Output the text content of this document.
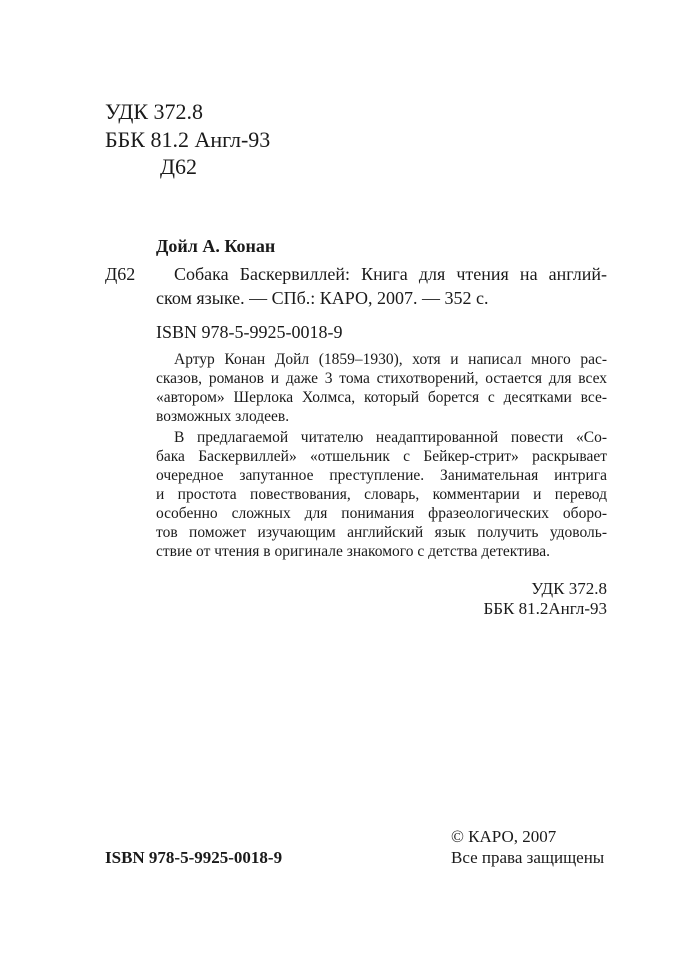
УДК 372.8
ББК 81.2 Англ-93
Д62
Дойл А. Конан
Д62 Собака Баскервиллей: Книга для чтения на англий-
ском языке. — СПб.: КАРО, 2007. — 352 с.
ISBN 978-5-9925-0018-9
Артур Конан Дойл (1859–1930), хотя и написал много рас-
сказов, романов и даже 3 тома стихотворений, остается для всех
«автором» Шерлока Холмса, который борется с десятками все-
возможных злодеев.
В предлагаемой читателю неадаптированной повести «Со-
бака Баскервиллей» «отшельник с Бейкер-стрит» раскрывает
очередное запутанное преступление. Занимательная интрига
и простота повествования, словарь, комментарии и перевод
особенно сложных для понимания фразеологических оборо-
тов поможет изучающим английский язык получить удоволь-
ствие от чтения в оригинале знакомого с детства детектива.
УДК 372.8
ББК 81.2Англ-93
ISBN 978-5-9925-0018-9
© КАРО, 2007
Все права защищены
